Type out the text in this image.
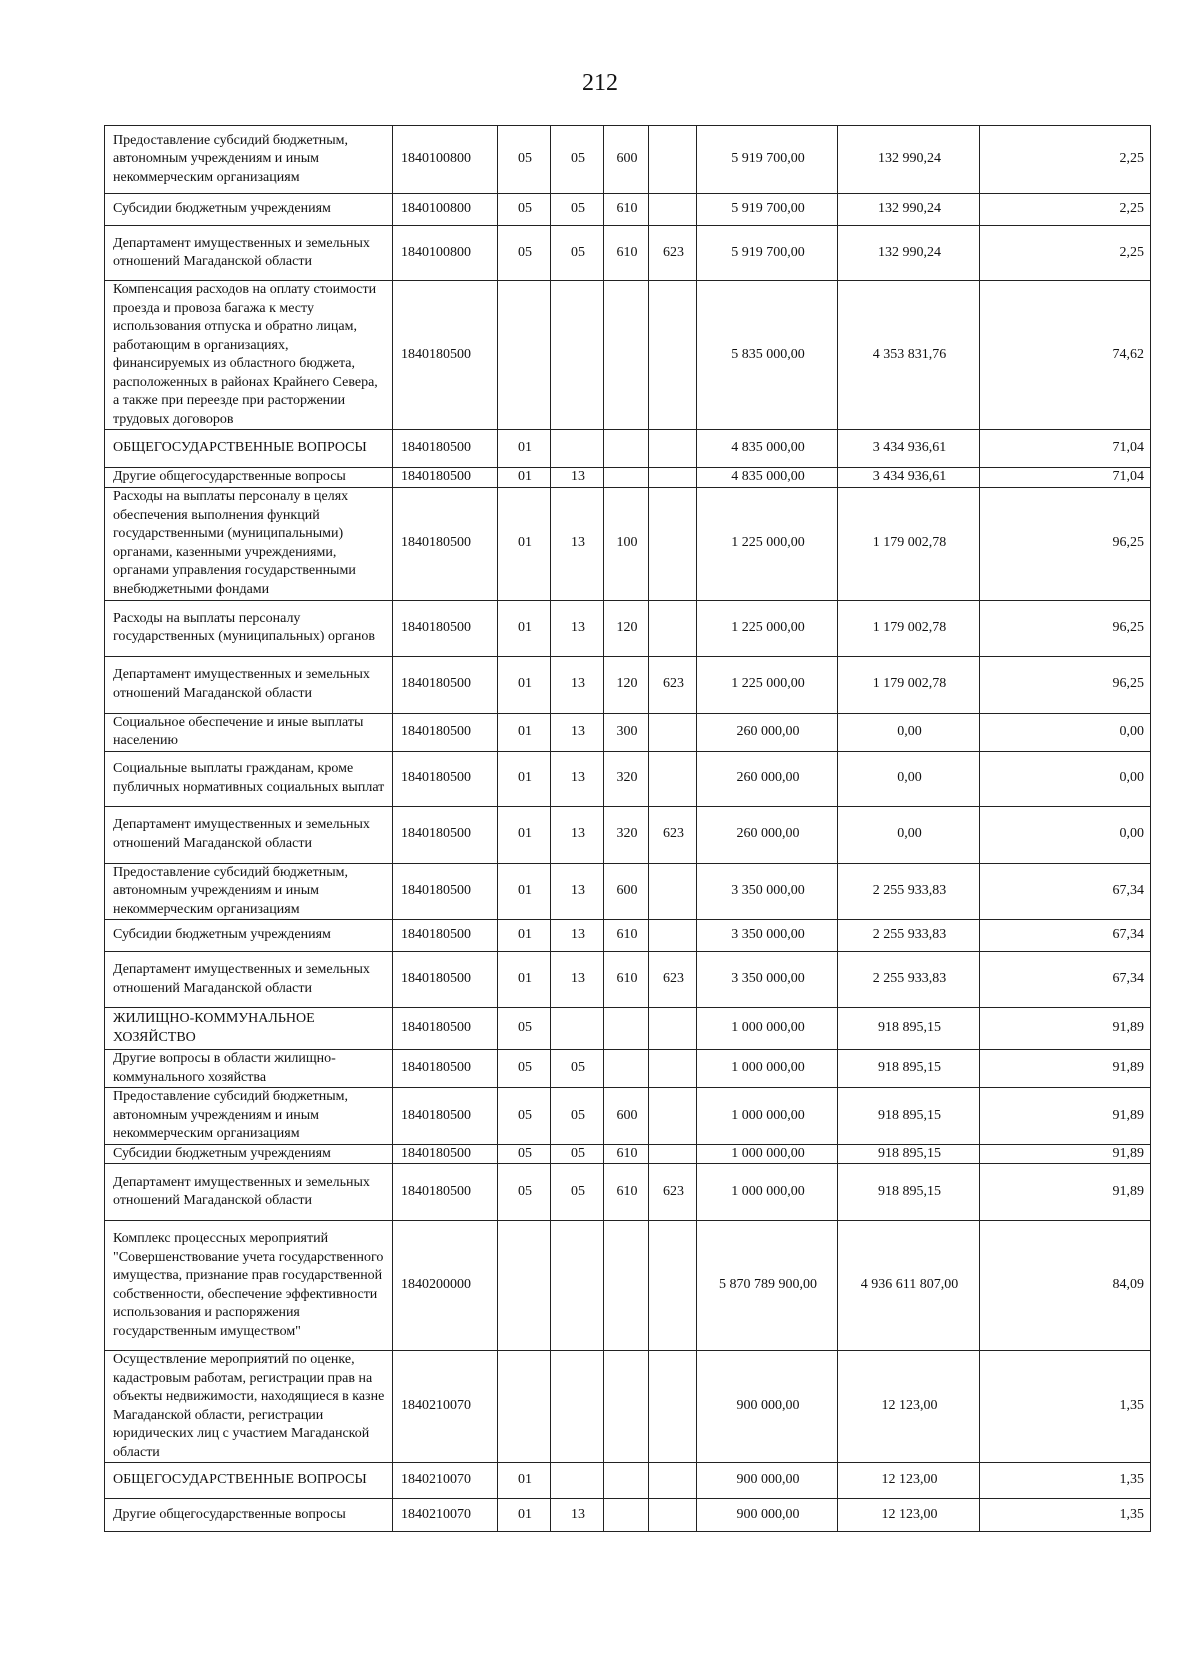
212
Предоставление субсидий бюджетным, автономным учреждениям и иным некоммерческим организациям	1840100800	05	05	600		5 919 700,00	132 990,24	2,25
Субсидии бюджетным учреждениям	1840100800	05	05	610		5 919 700,00	132 990,24	2,25
Департамент имущественных и земельных отношений Магаданской области	1840100800	05	05	610	623	5 919 700,00	132 990,24	2,25
Компенсация расходов на оплату стоимости проезда и провоза багажа к месту использования отпуска и обратно лицам, работающим в организациях, финансируемых из областного бюджета, расположенных в районах Крайнего Севера, а также при переезде при расторжении трудовых договоров	1840180500					5 835 000,00	4 353 831,76	74,62
ОБЩЕГОСУДАРСТВЕННЫЕ ВОПРОСЫ	1840180500	01				4 835 000,00	3 434 936,61	71,04
Другие общегосударственные вопросы	1840180500	01	13			4 835 000,00	3 434 936,61	71,04
Расходы на выплаты персоналу в целях обеспечения выполнения функций государственными (муниципальными) органами, казенными учреждениями, органами управления государственными внебюджетными фондами	1840180500	01	13	100		1 225 000,00	1 179 002,78	96,25
Расходы на выплаты персоналу государственных (муниципальных) органов	1840180500	01	13	120		1 225 000,00	1 179 002,78	96,25
Департамент имущественных и земельных отношений Магаданской области	1840180500	01	13	120	623	1 225 000,00	1 179 002,78	96,25
Социальное обеспечение и иные выплаты населению	1840180500	01	13	300		260 000,00	0,00	0,00
Социальные выплаты гражданам, кроме публичных нормативных социальных выплат	1840180500	01	13	320		260 000,00	0,00	0,00
Департамент имущественных и земельных отношений Магаданской области	1840180500	01	13	320	623	260 000,00	0,00	0,00
Предоставление субсидий бюджетным, автономным учреждениям и иным некоммерческим организациям	1840180500	01	13	600		3 350 000,00	2 255 933,83	67,34
Субсидии бюджетным учреждениям	1840180500	01	13	610		3 350 000,00	2 255 933,83	67,34
Департамент имущественных и земельных отношений Магаданской области	1840180500	01	13	610	623	3 350 000,00	2 255 933,83	67,34
ЖИЛИЩНО-КОММУНАЛЬНОЕ ХОЗЯЙСТВО	1840180500	05				1 000 000,00	918 895,15	91,89
Другие вопросы в области жилищно-коммунального хозяйства	1840180500	05	05			1 000 000,00	918 895,15	91,89
Предоставление субсидий бюджетным, автономным учреждениям и иным некоммерческим организациям	1840180500	05	05	600		1 000 000,00	918 895,15	91,89
Субсидии бюджетным учреждениям	1840180500	05	05	610		1 000 000,00	918 895,15	91,89
Департамент имущественных и земельных отношений Магаданской области	1840180500	05	05	610	623	1 000 000,00	918 895,15	91,89
Комплекс процессных мероприятий "Совершенствование учета государственного имущества, признание прав государственной собственности, обеспечение эффективности использования и распоряжения государственным имуществом"	1840200000					5 870 789 900,00	4 936 611 807,00	84,09
Осуществление мероприятий по оценке, кадастровым работам, регистрации прав на объекты недвижимости, находящиеся в казне Магаданской области, регистрации юридических лиц с участием Магаданской области	1840210070					900 000,00	12 123,00	1,35
ОБЩЕГОСУДАРСТВЕННЫЕ ВОПРОСЫ	1840210070	01				900 000,00	12 123,00	1,35
Другие общегосударственные вопросы	1840210070	01	13			900 000,00	12 123,00	1,35
